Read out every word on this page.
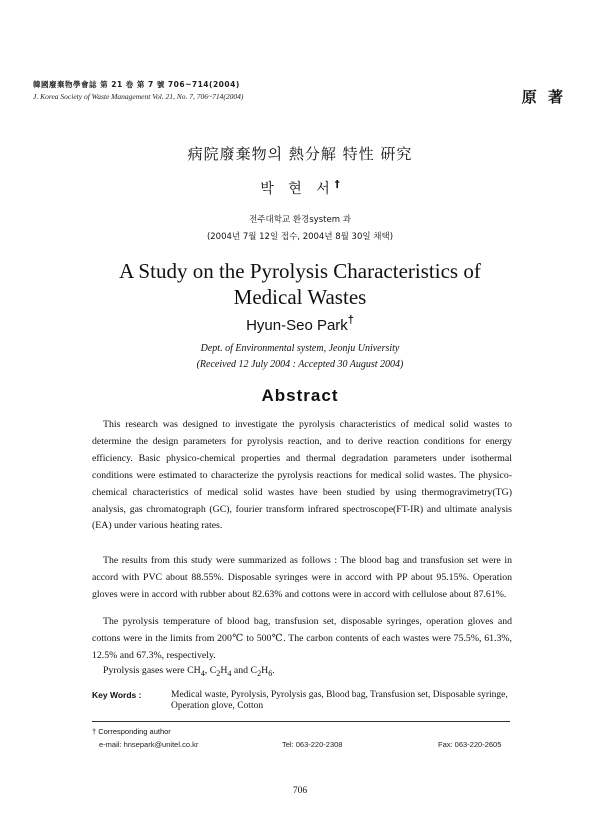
韓國廢棄物學會誌 第 21 卷 第 7 號 706~714(2004)
J. Korea Society of Waste Management Vol. 21, No. 7, 706~714(2004)	原 著
病院廢棄物의 熱分解 特性 硏究
박 현 서†
전주대학교 환경system 과
(2004년 7월 12일 접수, 2004년 8월 30일 채택)
A Study on the Pyrolysis Characteristics of
Medical Wastes
Hyun-Seo Park†
Dept. of Environmental system, Jeonju University
(Received 12 July 2004 : Accepted 30 August 2004)
Abstract

This research was designed to investigate the pyrolysis characteristics of medical solid wastes to determine the design parameters for pyrolysis reaction, and to derive reaction conditions for energy efficiency. Basic physico-chemical properties and thermal degradation parameters under isothermal conditions were estimated to characterize the pyrolysis reactions for medical solid wastes. The physico-chemical characteristics of medical solid wastes have been studied by using thermogravimetry(TG) analysis, gas chromatograph (GC), fourier transform infrared spectroscope(FT-IR) and ultimate analysis (EA) under various heating rates.

The results from this study were summarized as follows : The blood bag and transfusion set were in accord with PVC about 88.55%. Disposable syringes were in accord with PP about 95.15%. Operation gloves were in accord with rubber about 82.63% and cottons were in accord with cellulose about 87.61%.

The pyrolysis temperature of blood bag, transfusion set, disposable syringes, operation gloves and cottons were in the limits from 200℃ to 500℃. The carbon contents of each wastes were 75.5%, 61.3%, 12.5% and 67.3%, respectively.

Pyrolysis gases were $CH_4$, $C_2H_4$ and $C_2H_6$.

Key Words :	Medical waste, Pyrolysis, Pyrolysis gas, Blood bag, Transfusion set, Disposable syringe, Operation glove, Cotton
† Corresponding author
e-mail: hnsepark@unitel.co.kr	Tel: 063-220-2308	Fax: 063-220-2605
706
